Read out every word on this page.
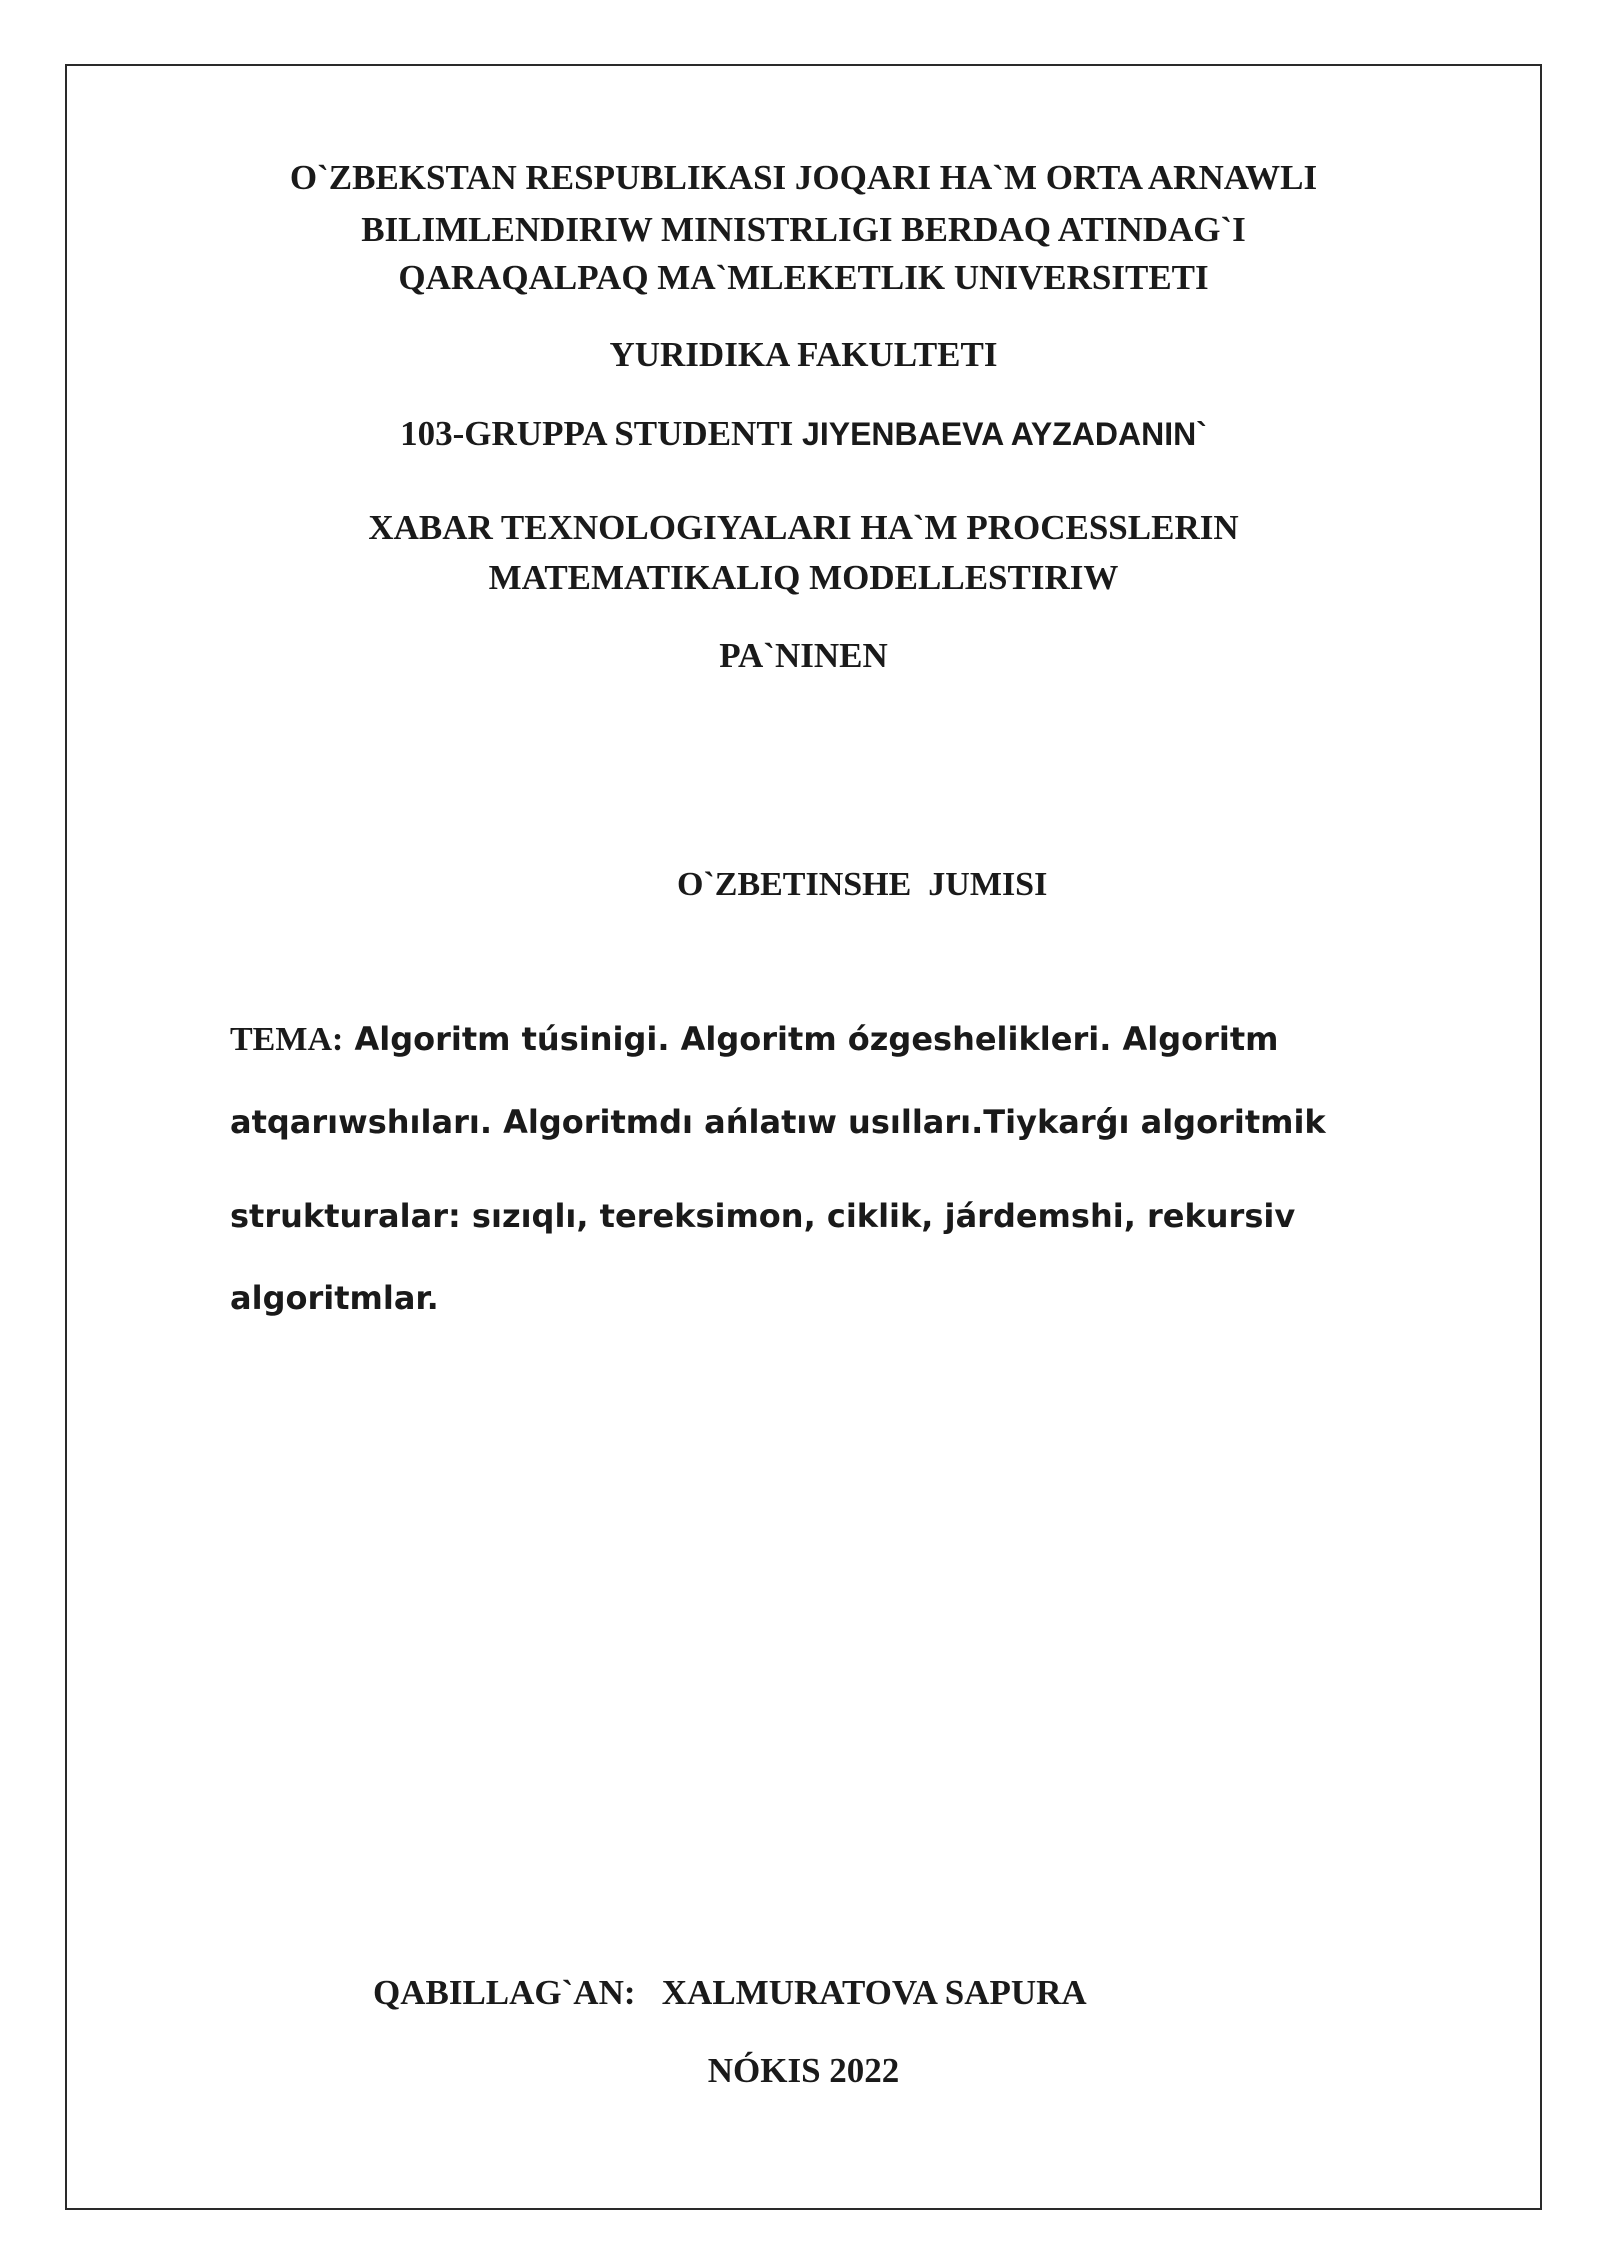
O`ZBEKSTAN RESPUBLIKASI JOQARI HA`M ORTA ARNAWLI
BILIMLENDIRIW MINISTRLIGI BERDAQ ATINDAG`I
QARAQALPAQ MA`MLEKETLIK UNIVERSITETI
YURIDIKA FAKULTETI
103-GRUPPA STUDENTI JIYENBAEVA AYZADANIN`
XABAR TEXNOLOGIYALARI HA`M PROCESSLERIN
MATEMATIKALIQ MODELLESTIRIW
PA`NINEN
O`ZBETINSHE  JUMISI
TEMA: Algoritm túsinigi. Algoritm ózgeshelikleri. Algoritm
atqarıwshıları. Algoritmdı ańlatıw usılları.Tiykarǵı algoritmik
strukturalar: sızıqlı, tereksimon, ciklik, járdemshi, rekursiv
algoritmlar.
QABILLAG`AN: XALMURATOVA SAPURA
NÓKIS 2022
